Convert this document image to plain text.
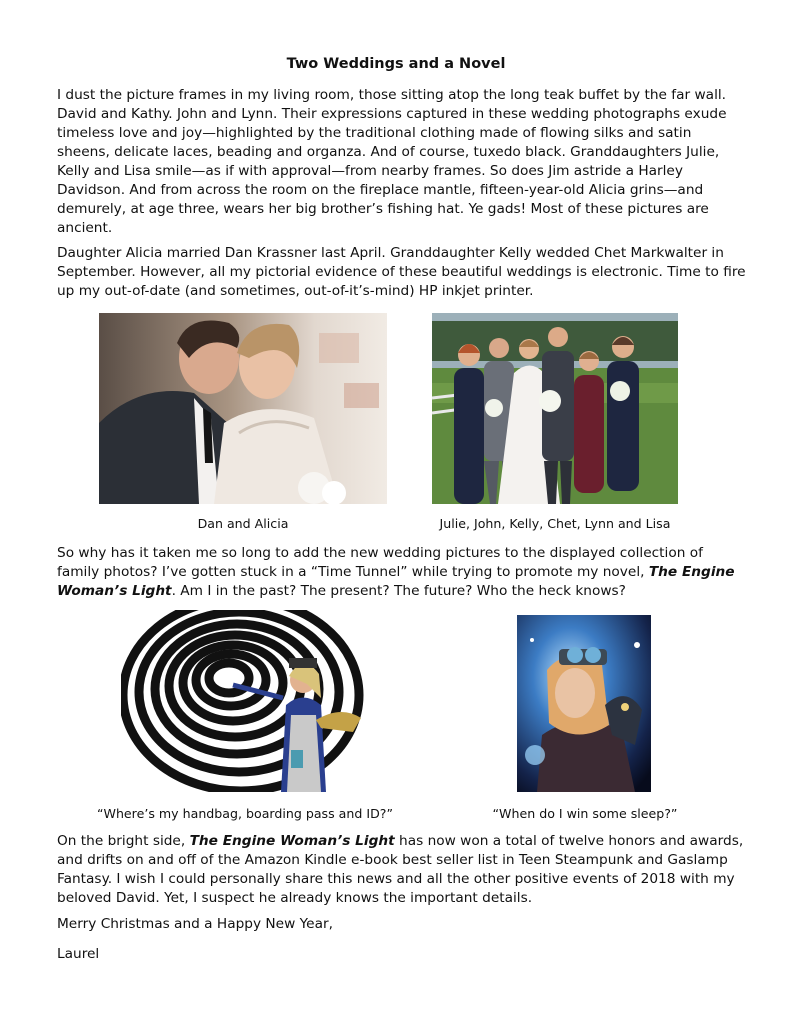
Two Weddings and a Novel

I dust the picture frames in my living room, those sitting atop the long teak buffet by the far wall. David and Kathy. John and Lynn. Their expressions captured in these wedding photographs exude timeless love and joy—highlighted by the traditional clothing made of flowing silks and satin sheens, delicate laces, beading and organza. And of course, tuxedo black. Granddaughters Julie, Kelly and Lisa smile—as if with approval—from nearby frames. So does Jim astride a Harley Davidson. And from across the room on the fireplace mantle, fifteen-year-old Alicia grins—and demurely, at age three, wears her big brother’s fishing hat. Ye gads! Most of these pictures are ancient.

Daughter Alicia married Dan Krassner last April. Granddaughter Kelly wedded Chet Markwalter in September. However, all my pictorial evidence of these beautiful weddings is electronic. Time to fire up my out-of-date (and sometimes, out-of-it’s-mind) HP inkjet printer.

So why has it taken me so long to add the new wedding pictures to the displayed collection of family photos? I’ve gotten stuck in a “Time Tunnel” while trying to promote my novel, The Engine Woman’s Light. Am I in the past? The present? The future? Who the heck knows?

On the bright side, The Engine Woman’s Light has now won a total of twelve honors and awards, and drifts on and off of the Amazon Kindle e-book best seller list in Teen Steampunk and Gaslamp Fantasy. I wish I could personally share this news and all the other positive events of 2018 with my beloved David. Yet, I suspect he already knows the important details.

Merry Christmas and a Happy New Year,

Laurel

Dan and Alicia	Julie, John, Kelly, Chet, Lynn and Lisa
“Where’s my handbag, boarding pass and ID?”	“When do I win some sleep?”
